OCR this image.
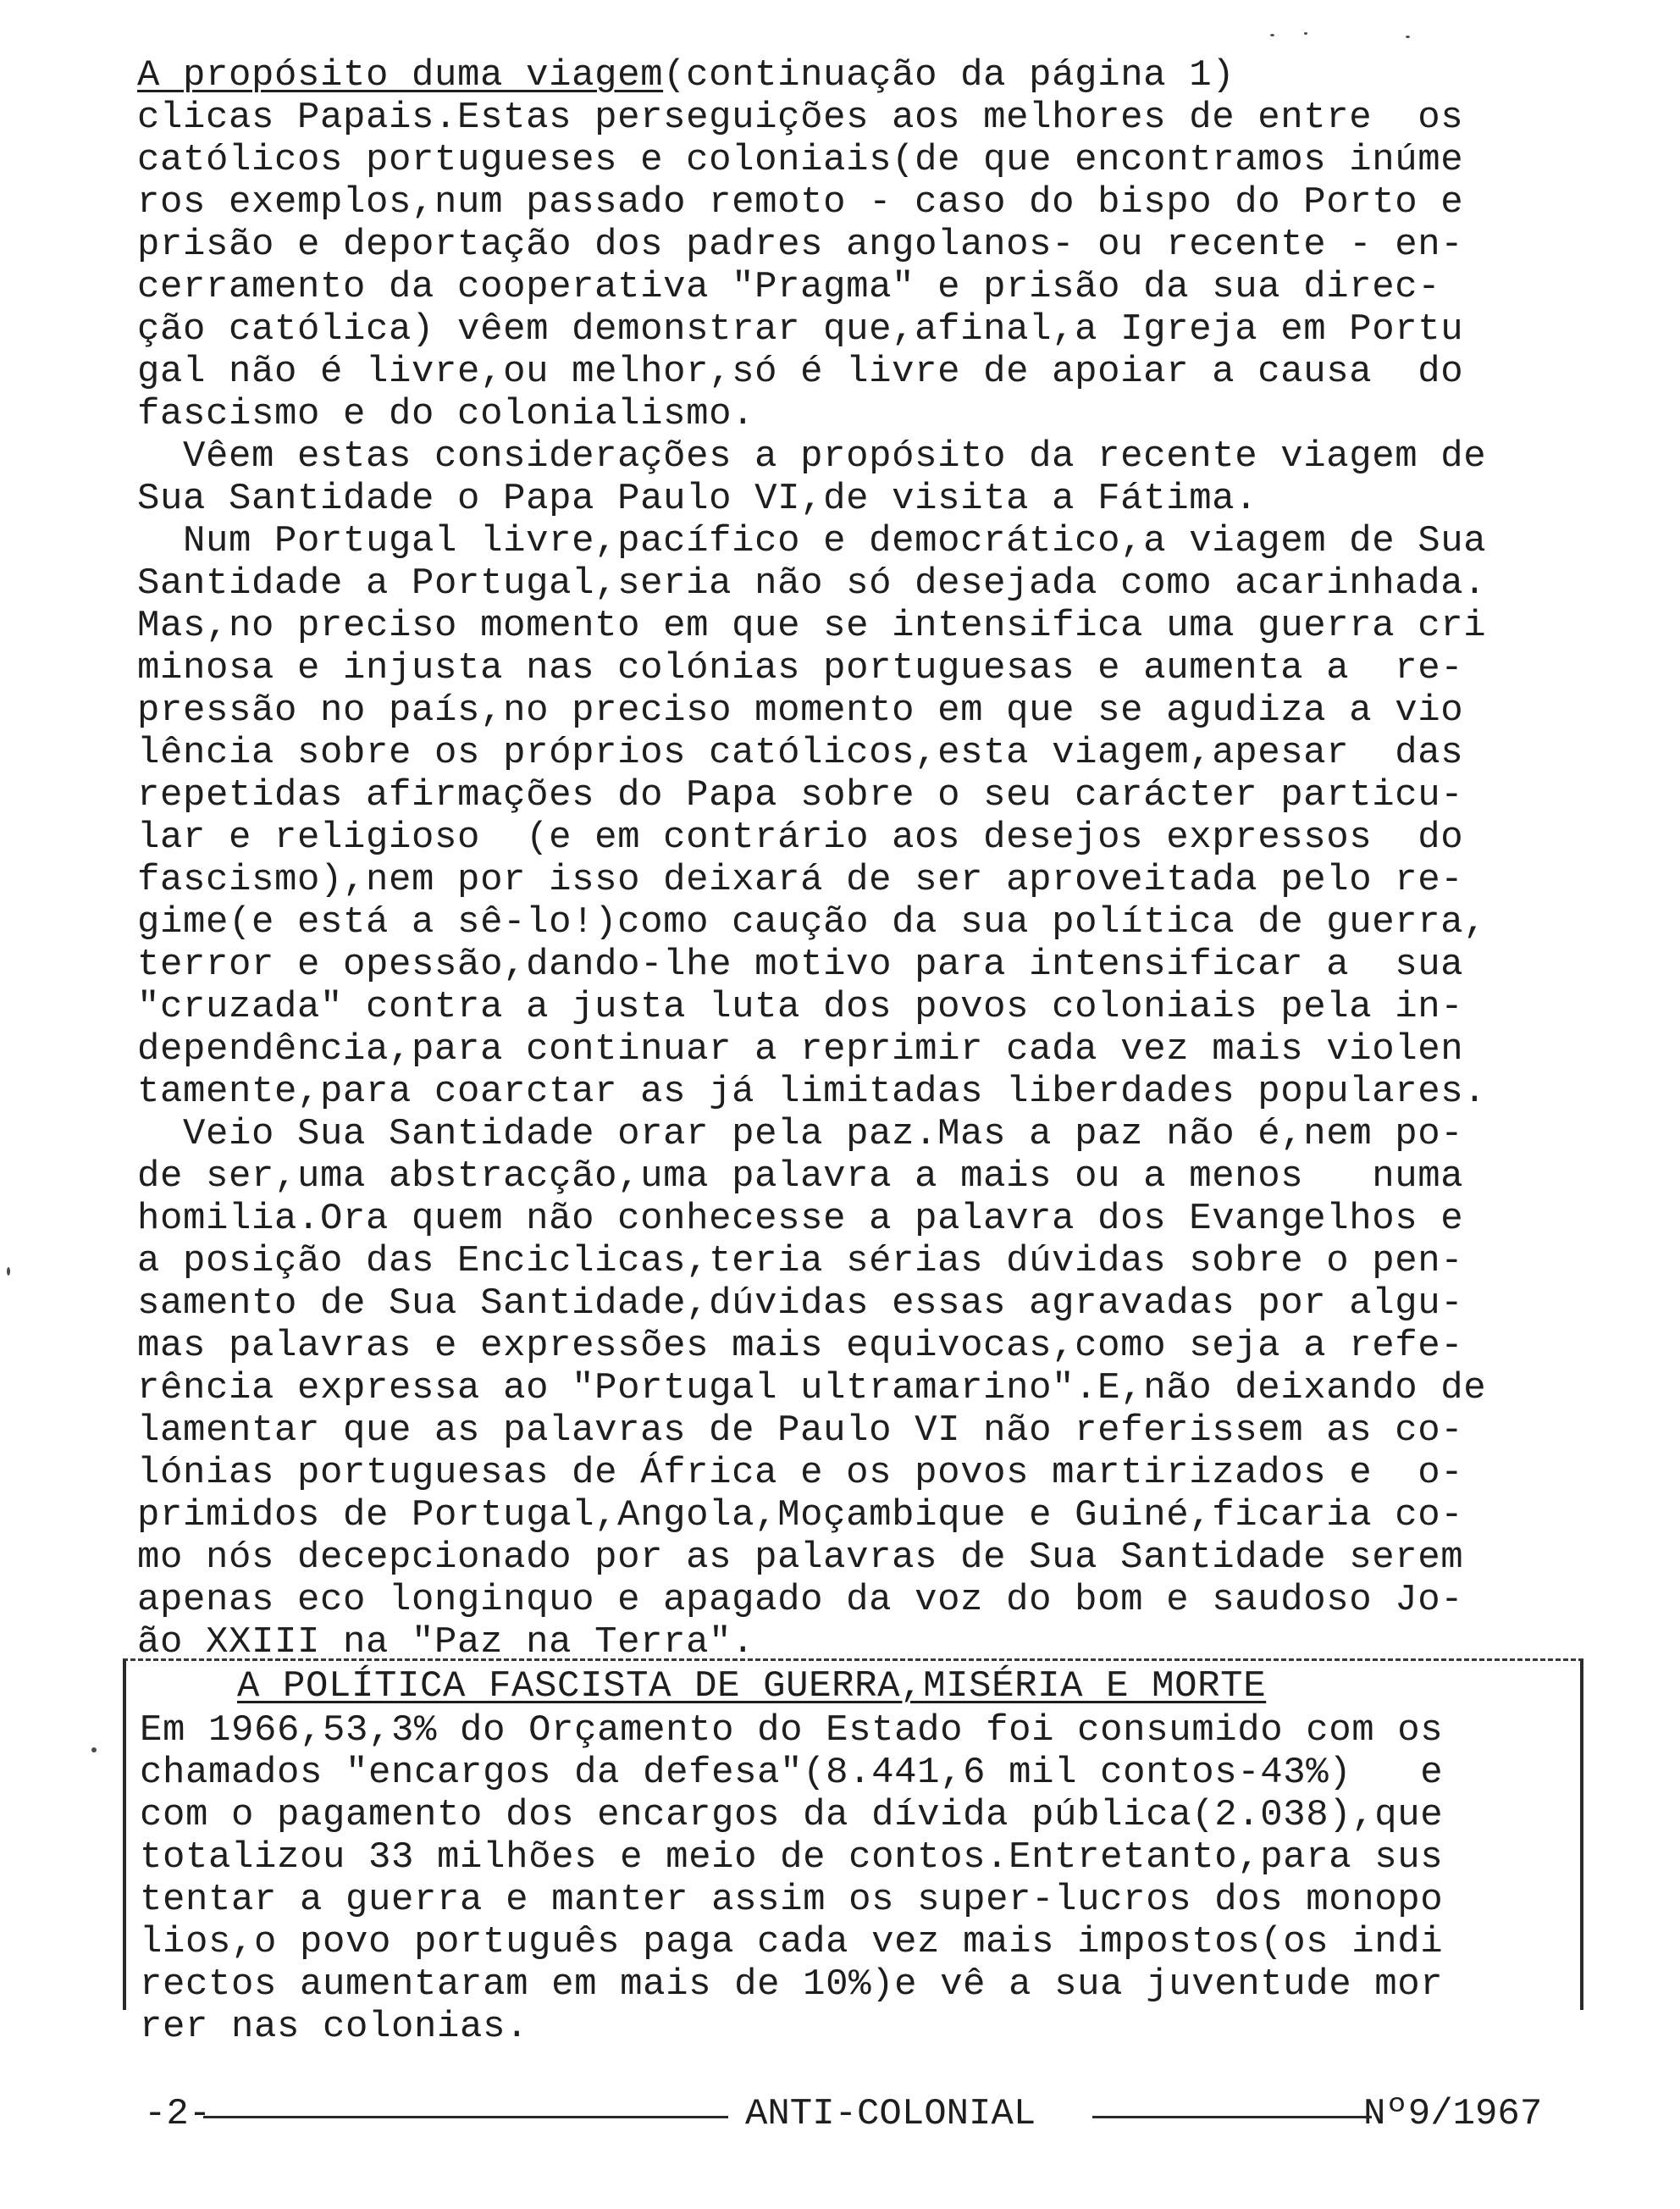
A propósito duma viagem(continuação da página 1)
clicas Papais.Estas perseguições aos melhores de entre  os
católicos portugueses e coloniais(de que encontramos inúme
ros exemplos,num passado remoto - caso do bispo do Porto e
prisão e deportação dos padres angolanos- ou recente - en-
cerramento da cooperativa "Pragma" e prisão da sua direc-
ção católica) vêem demonstrar que,afinal,a Igreja em Portu
gal não é livre,ou melhor,só é livre de apoiar a causa  do
fascismo e do colonialismo.
Vêem estas considerações a propósito da recente viagem de
Sua Santidade o Papa Paulo VI,de visita a Fátima.
Num Portugal livre,pacífico e democrático,a viagem de Sua
Santidade a Portugal,seria não só desejada como acarinhada.
Mas,no preciso momento em que se intensifica uma guerra cri
minosa e injusta nas colónias portuguesas e aumenta a  re-
pressão no país,no preciso momento em que se agudiza a vio
lência sobre os próprios católicos,esta viagem,apesar  das
repetidas afirmações do Papa sobre o seu carácter particu-
lar e religioso  (e em contrário aos desejos expressos  do
fascismo),nem por isso deixará de ser aproveitada pelo re-
gime(e está a sê-lo!)como caução da sua política de guerra,
terror e opessão,dando-lhe motivo para intensificar a  sua
"cruzada" contra a justa luta dos povos coloniais pela in-
dependência,para continuar a reprimir cada vez mais violen
tamente,para coarctar as já limitadas liberdades populares.
Veio Sua Santidade orar pela paz.Mas a paz não é,nem po-
de ser,uma abstracção,uma palavra a mais ou a menos   numa
homilia.Ora quem não conhecesse a palavra dos Evangelhos e
a posição das Enciclicas,teria sérias dúvidas sobre o pen-
samento de Sua Santidade,dúvidas essas agravadas por algu-
mas palavras e expressões mais equivocas,como seja a refe-
rência expressa ao "Portugal ultramarino".E,não deixando de
lamentar que as palavras de Paulo VI não referissem as co-
lónias portuguesas de África e os povos martirizados e  o-
primidos de Portugal,Angola,Moçambique e Guiné,ficaria co-
mo nós decepcionado por as palavras de Sua Santidade serem
apenas eco longinquo e apagado da voz do bom e saudoso Jo-
ão XXIII na "Paz na Terra".
A POLÍTICA FASCISTA DE GUERRA,MISÉRIA E MORTE
Em 1966,53,3% do Orçamento do Estado foi consumido com os
chamados "encargos da defesa"(8.441,6 mil contos-43%)   e
com o pagamento dos encargos da dívida pública(2.038),que
totalizou 33 milhões e meio de contos.Entretanto,para sus
tentar a guerra e manter assim os super-lucros dos monopo
lios,o povo português paga cada vez mais impostos(os indi
rectos aumentaram em mais de 10%)e vê a sua juventude mor
rer nas colonias.
-2-	ANTI-COLONIAL	Nº9/1967
